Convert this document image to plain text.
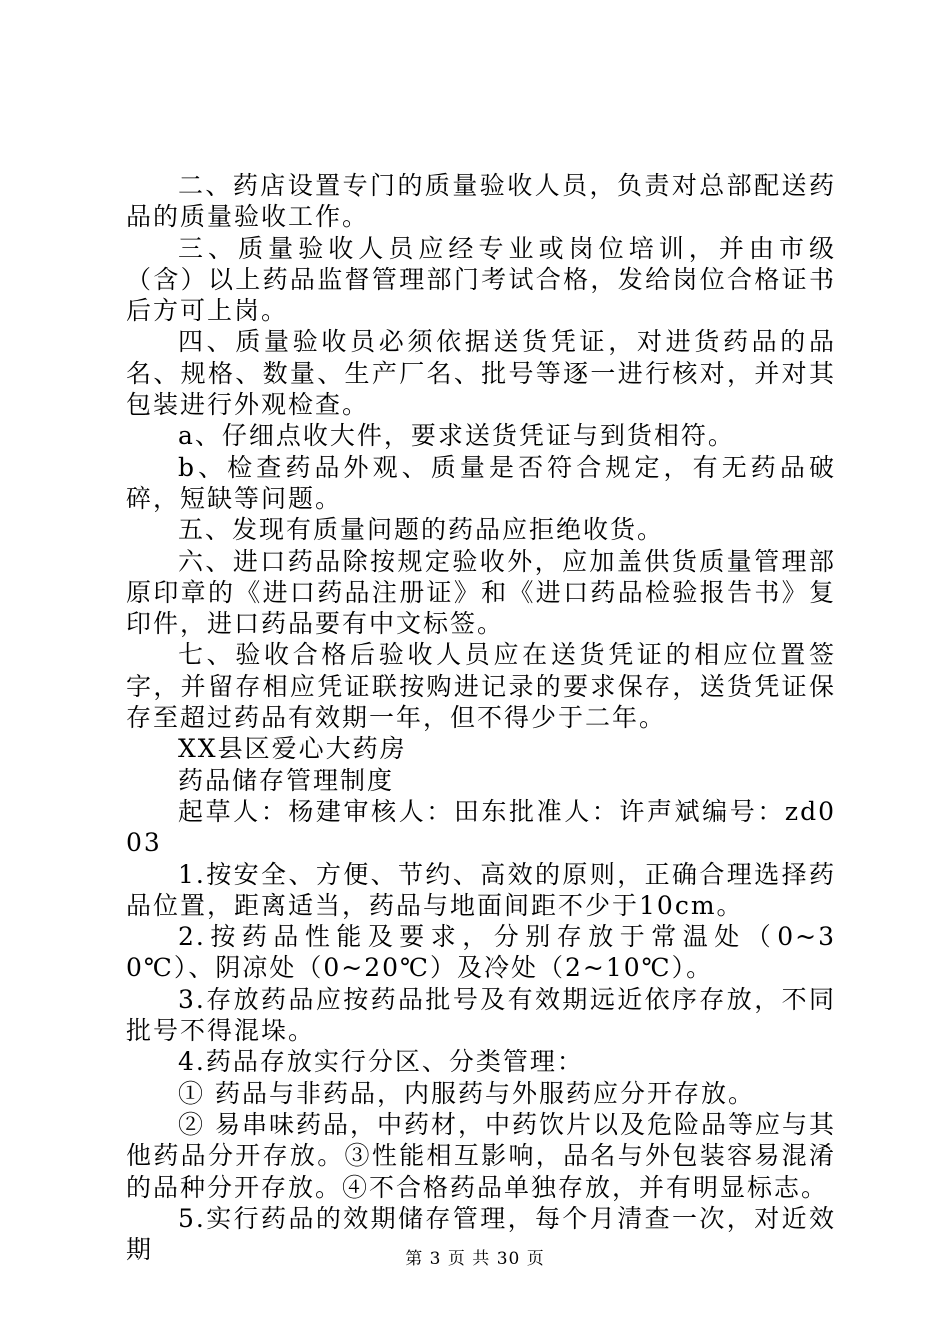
二、药店设置专门的质量验收人员，负责对总部配送药品的质量验收工作。

三、质量验收人员应经专业或岗位培训，并由市级（含）以上药品监督管理部门考试合格，发给岗位合格证书后方可上岗。

四、质量验收员必须依据送货凭证，对进货药品的品名、规格、数量、生产厂名、批号等逐一进行核对，并对其包装进行外观检查。

a、仔细点收大件，要求送货凭证与到货相符。

b、检查药品外观、质量是否符合规定，有无药品破碎，短缺等问题。

五、发现有质量问题的药品应拒绝收货。

六、进口药品除按规定验收外，应加盖供货质量管理部原印章的《进口药品注册证》和《进口药品检验报告书》复印件，进口药品要有中文标签。

七、验收合格后验收人员应在送货凭证的相应位置签字，并留存相应凭证联按购进记录的要求保存，送货凭证保存至超过药品有效期一年，但不得少于二年。

XX县区爱心大药房

药品储存管理制度

起草人：杨建审核人：田东批准人：许声斌编号：zd003

1.按安全、方便、节约、高效的原则，正确合理选择药品位置，距离适当，药品与地面间距不少于10cm。

2.按药品性能及要求，分别存放于常温处（0~30℃）、阴凉处（0~20℃）及冷处（2~10℃）。

3.存放药品应按药品批号及有效期远近依序存放，不同批号不得混垛。

4.药品存放实行分区、分类管理：

① 药品与非药品，内服药与外服药应分开存放。

② 易串味药品，中药材，中药饮片以及危险品等应与其他药品分开存放。③性能相互影响，品名与外包装容易混淆的品种分开存放。④不合格药品单独存放，并有明显标志。

5.实行药品的效期储存管理，每个月清查一次，对近效期	第 3 页 共 30 页
